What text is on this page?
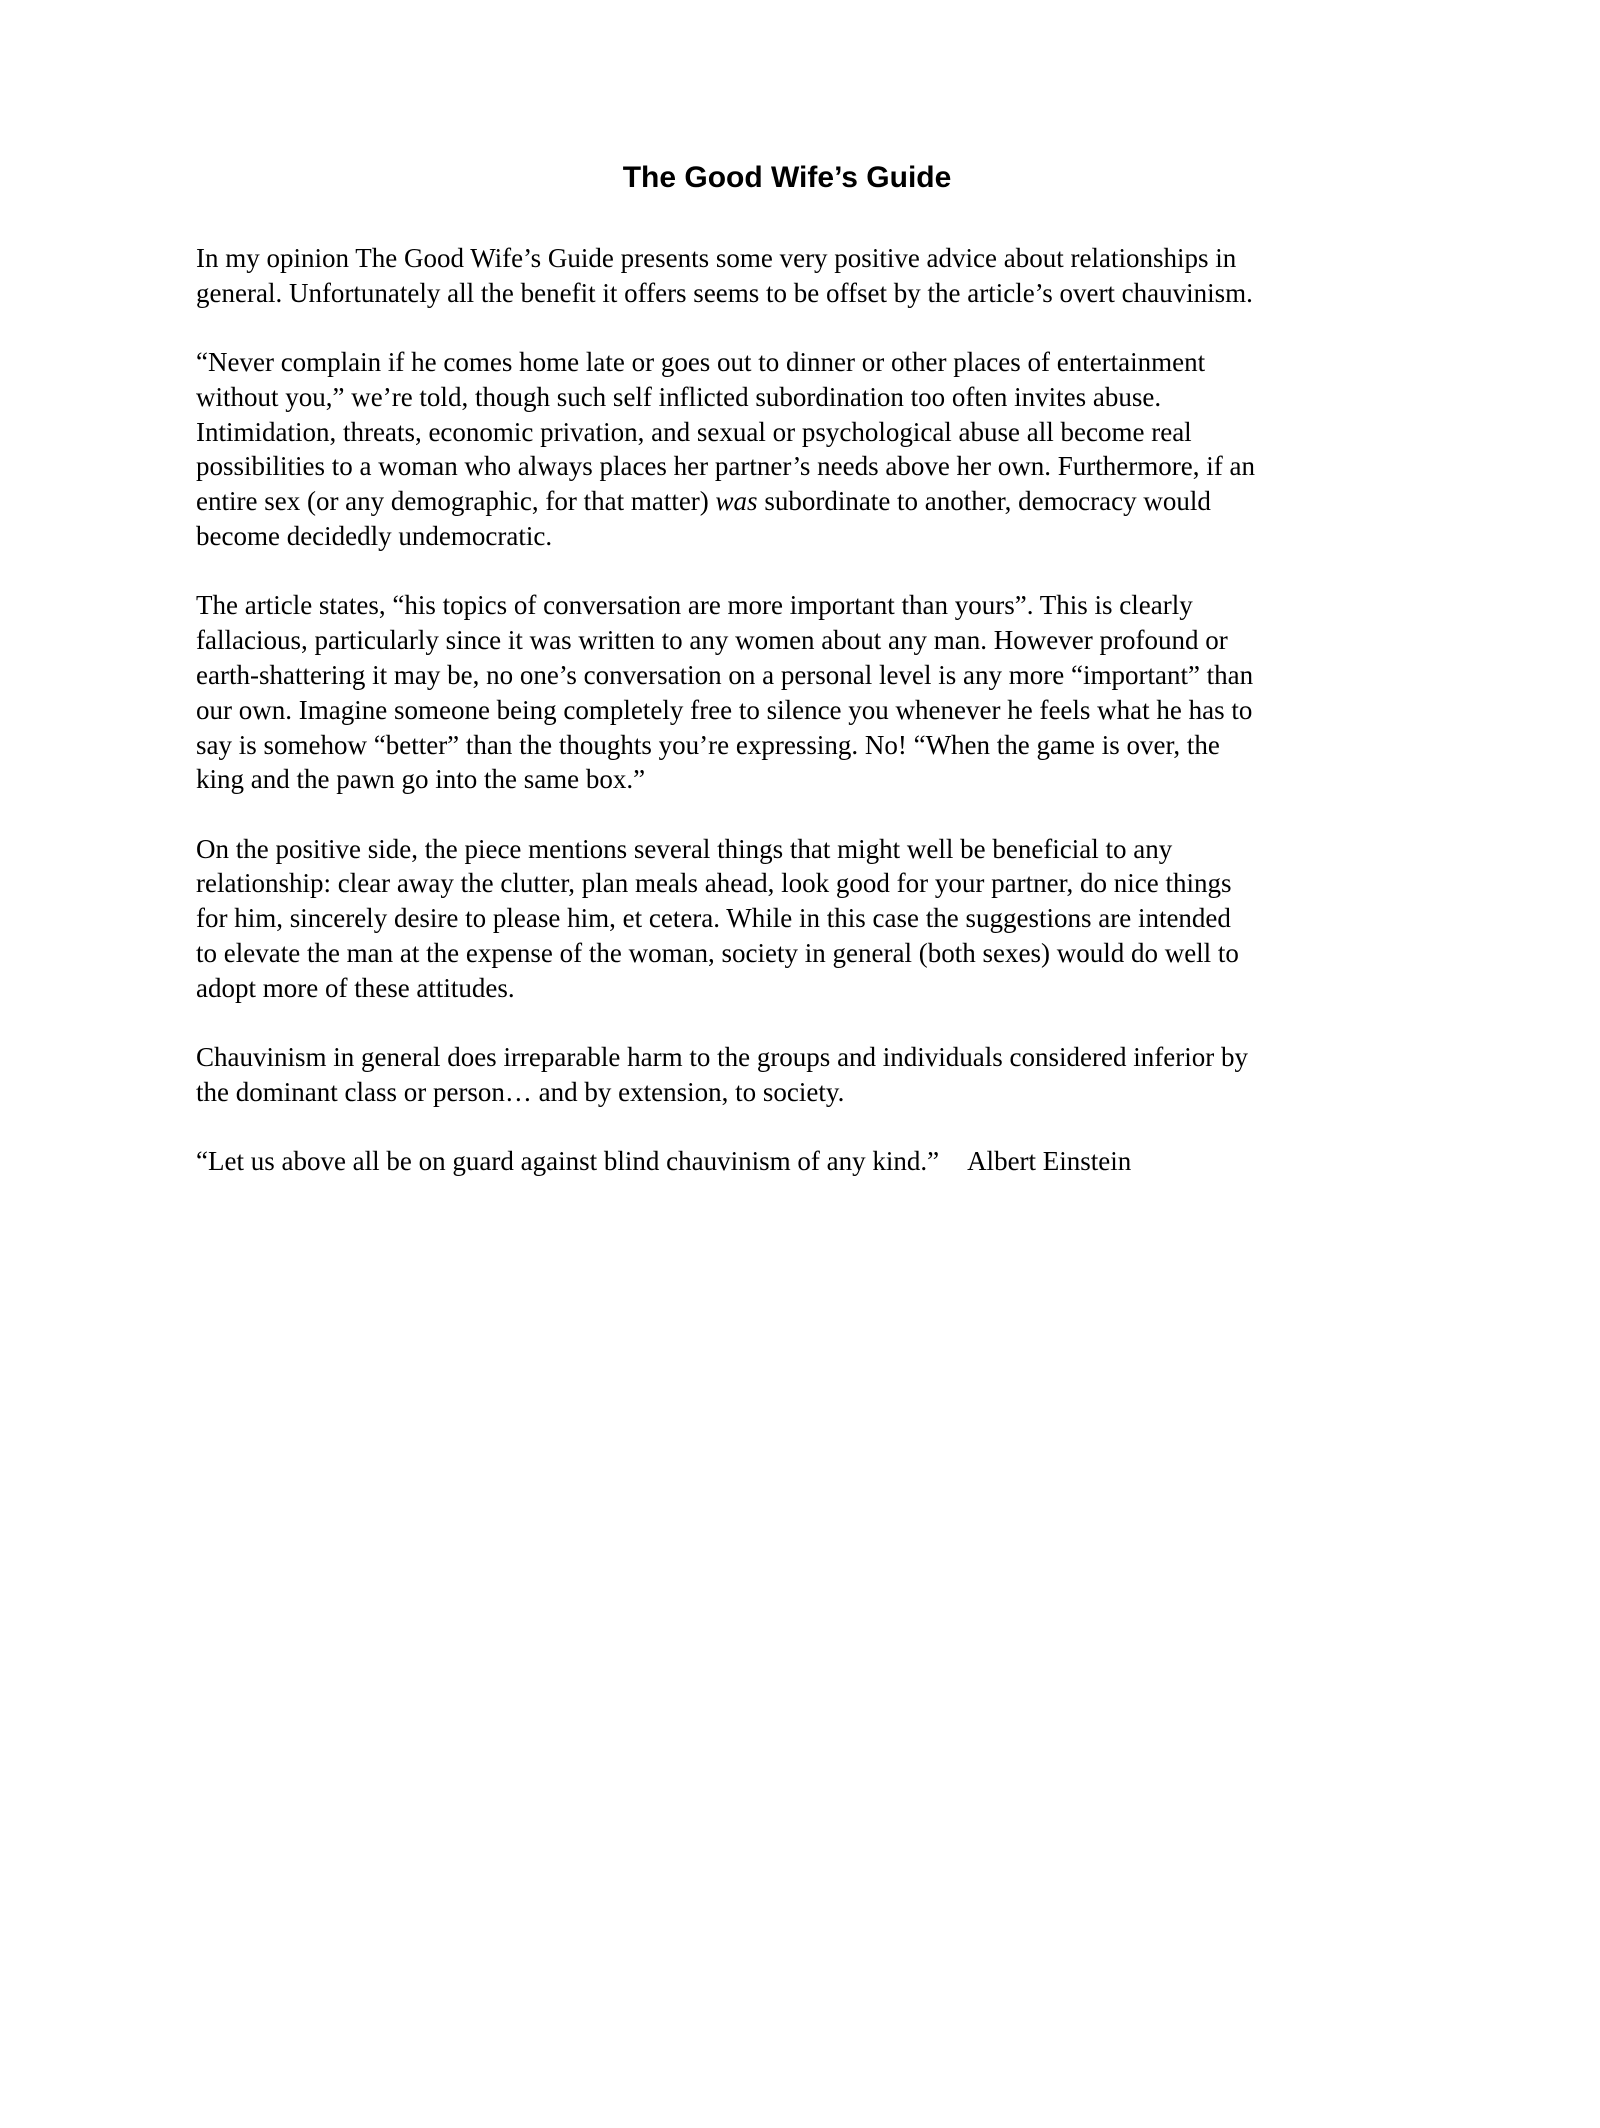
The Good Wife’s Guide
In my opinion The Good Wife’s Guide presents some very positive advice about relationships in
general. Unfortunately all the benefit it offers seems to be offset by the article’s overt chauvinism.
“Never complain if he comes home late or goes out to dinner or other places of entertainment
without you,” we’re told, though such self inflicted subordination too often invites abuse.
Intimidation, threats, economic privation, and sexual or psychological abuse all become real
possibilities to a woman who always places her partner’s needs above her own. Furthermore, if an
entire sex (or any demographic, for that matter) was subordinate to another, democracy would
become decidedly undemocratic.
The article states, “his topics of conversation are more important than yours”. This is clearly
fallacious, particularly since it was written to any women about any man. However profound or
earth-shattering it may be, no one’s conversation on a personal level is any more “important” than
our own. Imagine someone being completely free to silence you whenever he feels what he has to
say is somehow “better” than the thoughts you’re expressing. No! “When the game is over, the
king and the pawn go into the same box.”
On the positive side, the piece mentions several things that might well be beneficial to any
relationship: clear away the clutter, plan meals ahead, look good for your partner, do nice things
for him, sincerely desire to please him, et cetera. While in this case the suggestions are intended
to elevate the man at the expense of the woman, society in general (both sexes) would do well to
adopt more of these attitudes.
Chauvinism in general does irreparable harm to the groups and individuals considered inferior by
the dominant class or person… and by extension, to society.
“Let us above all be on guard against blind chauvinism of any kind.” Albert Einstein
